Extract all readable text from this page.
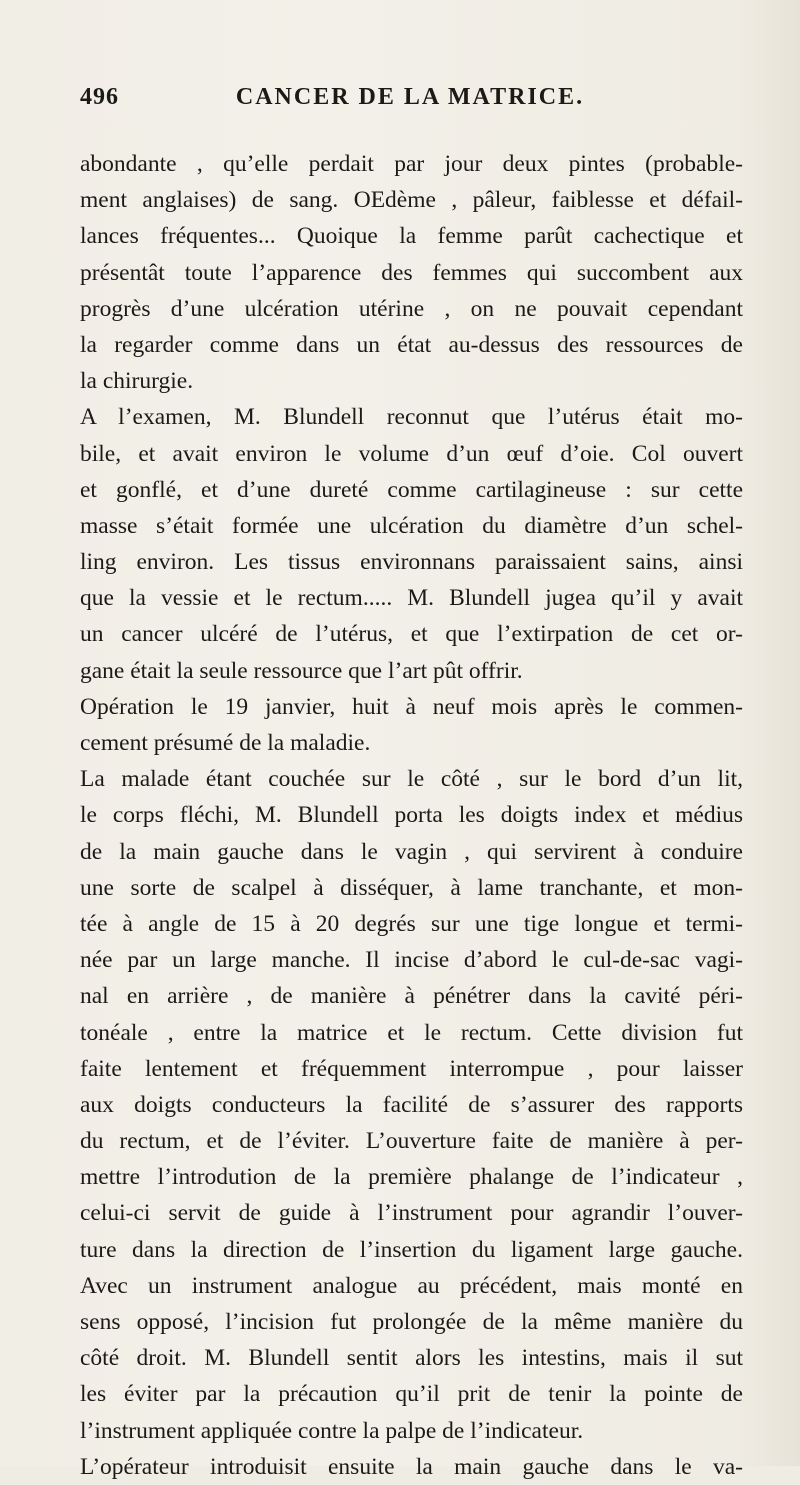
496	CANCER DE LA MATRICE.
abondante , qu’elle perdait par jour deux pintes (probable-
ment anglaises) de sang. OEdème , pâleur, faiblesse et défail-
lances fréquentes... Quoique la femme parût cachectique et
présentât toute l’apparence des femmes qui succombent aux
progrès d’une ulcération utérine , on ne pouvait cependant
la regarder comme dans un état au-dessus des ressources de
la chirurgie.
A l’examen, M. Blundell reconnut que l’utérus était mo-
bile, et avait environ le volume d’un œuf d’oie. Col ouvert
et gonflé, et d’une dureté comme cartilagineuse : sur cette
masse s’était formée une ulcération du diamètre d’un schel-
ling environ. Les tissus environnans paraissaient sains, ainsi
que la vessie et le rectum..... M. Blundell jugea qu’il y avait
un cancer ulcéré de l’utérus, et que l’extirpation de cet or-
gane était la seule ressource que l’art pût offrir.
Opération le 19 janvier, huit à neuf mois après le commen-
cement présumé de la maladie.
La malade étant couchée sur le côté , sur le bord d’un lit,
le corps fléchi, M. Blundell porta les doigts index et médius
de la main gauche dans le vagin , qui servirent à conduire
une sorte de scalpel à disséquer, à lame tranchante, et mon-
tée à angle de 15 à 20 degrés sur une tige longue et termi-
née par un large manche. Il incise d’abord le cul-de-sac vagi-
nal en arrière , de manière à pénétrer dans la cavité péri-
tonéale , entre la matrice et le rectum. Cette division fut
faite lentement et fréquemment interrompue , pour laisser
aux doigts conducteurs la facilité de s’assurer des rapports
du rectum, et de l’éviter. L’ouverture faite de manière à per-
mettre l’introdution de la première phalange de l’indicateur ,
celui-ci servit de guide à l’instrument pour agrandir l’ouver-
ture dans la direction de l’insertion du ligament large gauche.
Avec un instrument analogue au précédent, mais monté en
sens opposé, l’incision fut prolongée de la même manière du
côté droit. M. Blundell sentit alors les intestins, mais il sut
les éviter par la précaution qu’il prit de tenir la pointe de
l’instrument appliquée contre la palpe de l’indicateur.
L’opérateur introduisit ensuite la main gauche dans le va-
